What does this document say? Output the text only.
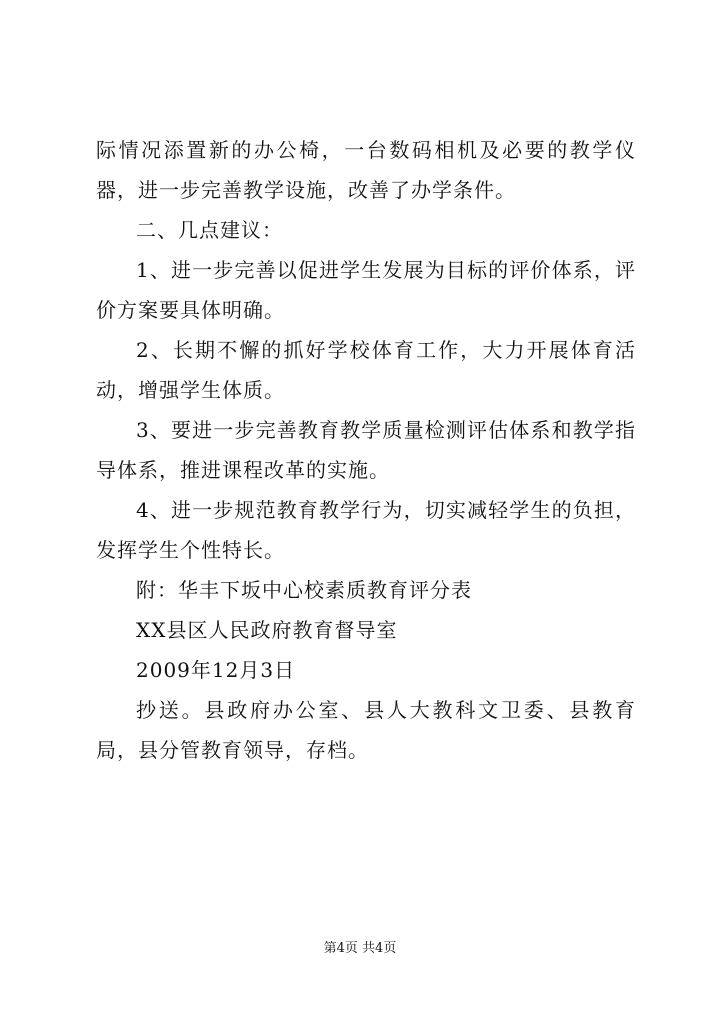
际情况添置新的办公椅，一台数码相机及必要的教学仪器，进一步完善教学设施，改善了办学条件。

二、几点建议：

1、进一步完善以促进学生发展为目标的评价体系，评价方案要具体明确。

2、长期不懈的抓好学校体育工作，大力开展体育活动，增强学生体质。

3、要进一步完善教育教学质量检测评估体系和教学指导体系，推进课程改革的实施。

4、进一步规范教育教学行为，切实减轻学生的负担，发挥学生个性特长。

附：华丰下坂中心校素质教育评分表

XX县区人民政府教育督导室

2009年12月3日

抄送。县政府办公室、县人大教科文卫委、县教育局，县分管教育领导，存档。

第4页 共4页
